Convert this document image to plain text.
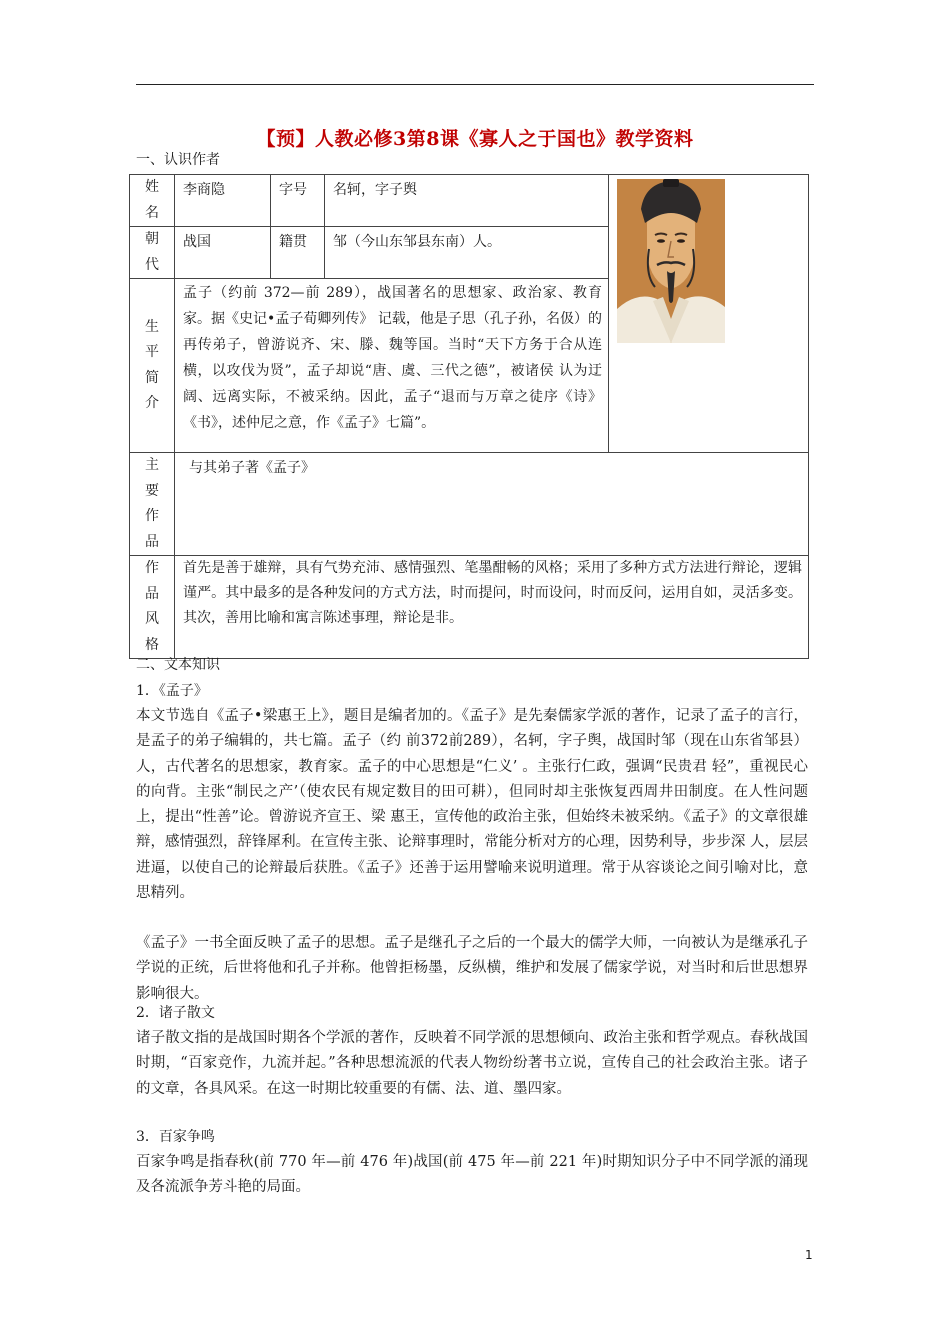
【预】人教必修3第8课《寡人之于国也》教学资料
一、认识作者
姓
名	李商隐	字号	名轲，字子舆	

朝
代	战国	籍贯	邹（今山东邹县东南）人。	

生
平
简
介	孟子（约前 372—前 289），战国著名的思想家、政治家、教育家。据《史记•孟子荀卿列传》 记载，他是子思（孔子孙，名伋）的再传弟子，曾游说齐、宋、滕、魏等国。当时“天下方务于合从连横，以攻伐为贤”，孟子却说“唐、虞、三代之德”，被诸侯 认为迂阔、远离实际，不被采纳。因此，孟子“退而与万章之徒序《诗》《书》，述仲尼之意，作《孟子》七篇”。			

主
要
作
品	与其弟子著《孟子》			

作
品
风
格	首先是善于雄辩，具有气势充沛、感情强烈、笔墨酣畅的风格；采用了多种方式方法进行辩论，逻辑谨严。其中最多的是各种发问的方式方法，时而提问，时而设问，时而反问，运用自如，灵活多变。其次，善用比喻和寓言陈述事理，辩论是非。			
二、文本知识
1．《孟子》
本文节选自《孟子•梁惠王上》，题目是编者加的。《孟子》是先秦儒家学派的著作，记录了孟子的言行，是孟子的弟子编辑的，共七篇。孟子（约 前372前289），名轲，字子舆，战国时邹（现在山东省邹县）人，古代著名的思想家，教育家。孟子的中心思想是“仁义’ 。主张行仁政，强调“民贵君 轻”，重视民心的向背。主张“制民之产’（使农民有规定数目的田可耕），但同时却主张恢复西周井田制度。在人性问题上，提出“性善”论。曾游说齐宣王、梁 惠王，宣传他的政治主张，但始终未被采纳。《孟子》的文章很雄辩，感情强烈，辞锋犀利。在宣传主张、论辩事理时，常能分析对方的心理，因势利导，步步深 人，层层进逼，以使自己的论辩最后获胜。《孟子》还善于运用譬喻来说明道理。常于从容谈论之间引喻对比，意思精列。
《孟子》一书全面反映了孟子的思想。孟子是继孔子之后的一个最大的儒学大师，一向被认为是继承孔子学说的正统，后世将他和孔子并称。他曾拒杨墨，反纵横，维护和发展了儒家学说，对当时和后世思想界影响很大。
2．诸子散文
诸子散文指的是战国时期各个学派的著作，反映着不同学派的思想倾向、政治主张和哲学观点。春秋战国时期，“百家竞作，九流并起。”各种思想流派的代表人物纷纷著书立说，宣传自己的社会政治主张。诸子的文章，各具风采。在这一时期比较重要的有儒、法、道、墨四家。
3．百家争鸣
百家争鸣是指春秋(前 770 年—前 476 年)战国(前 475 年—前 221 年)时期知识分子中不同学派的涌现及各流派争芳斗艳的局面。
1
